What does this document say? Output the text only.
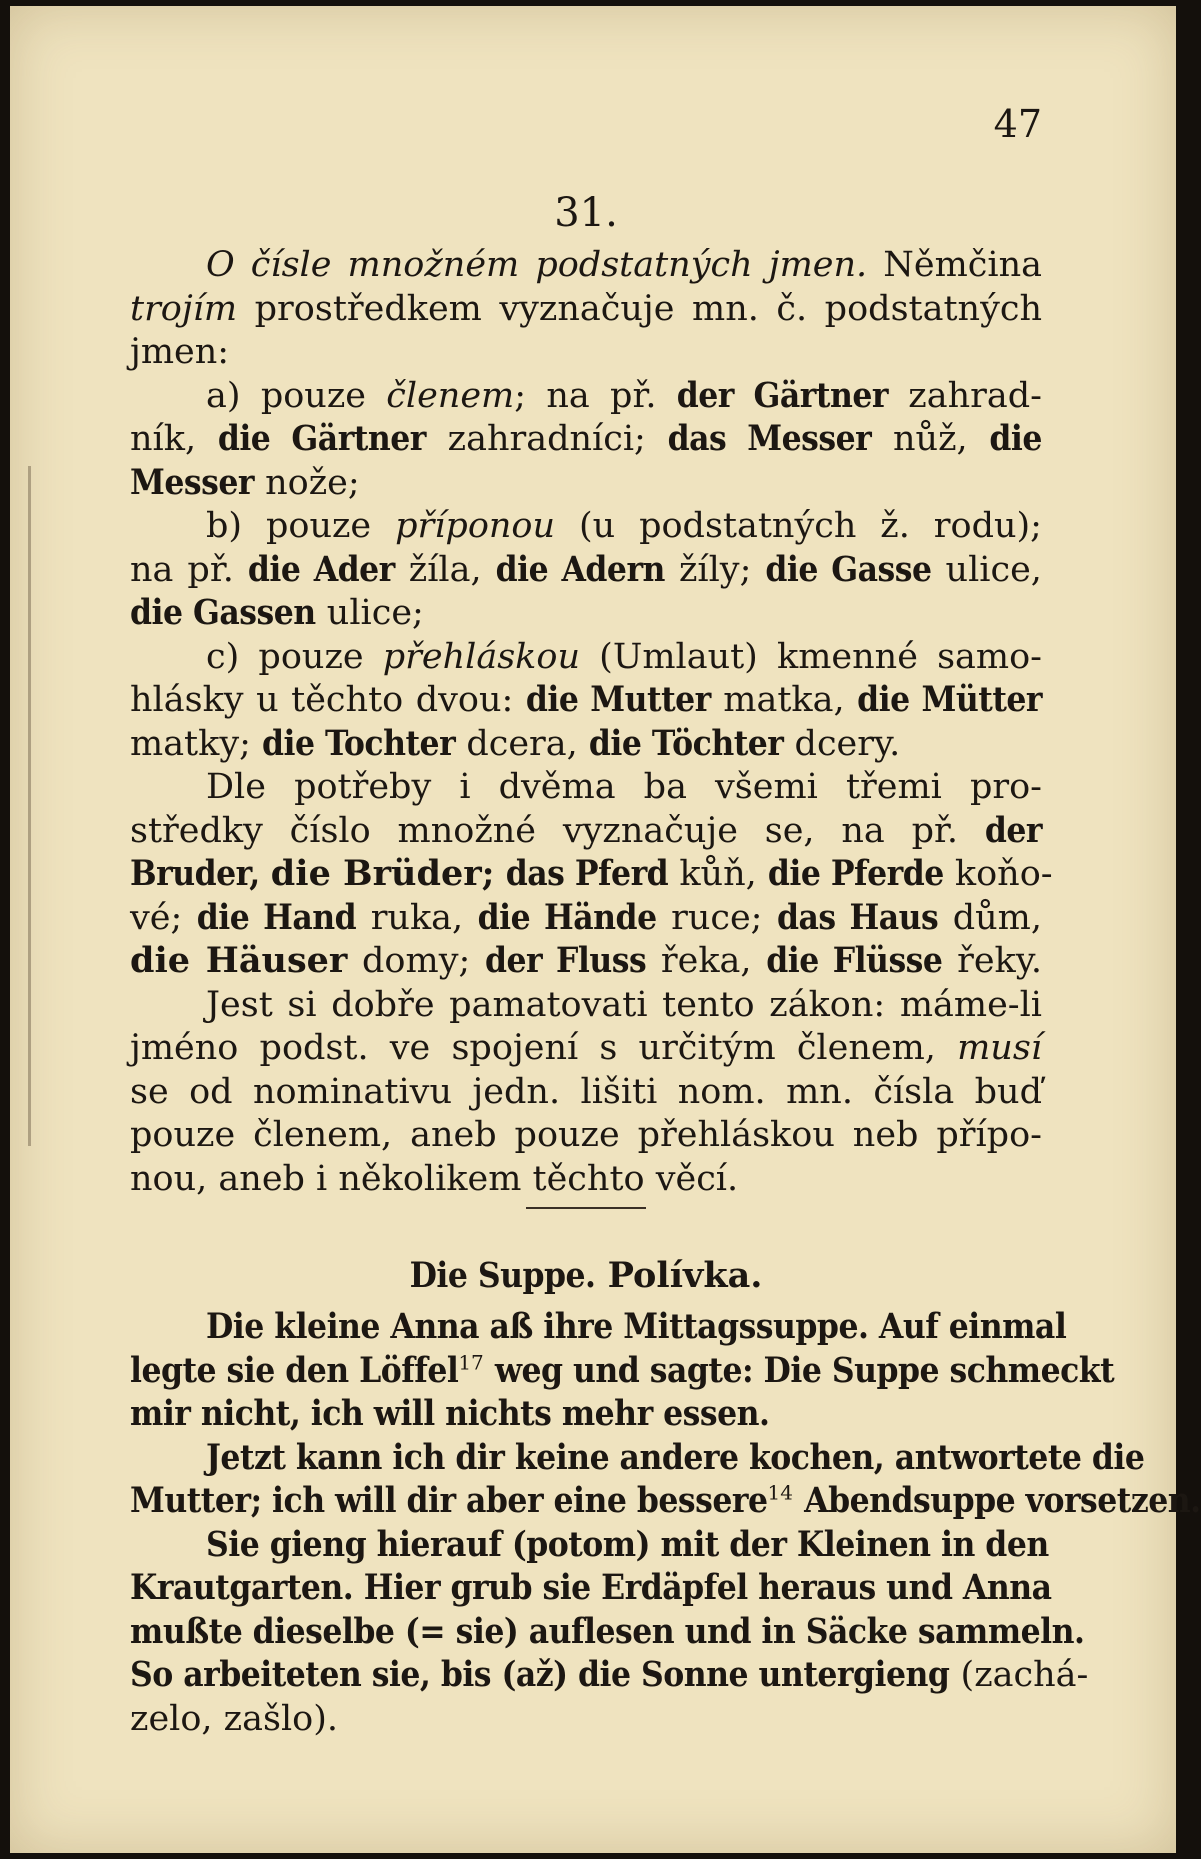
47
31.
O čísle množném podstatných jmen. Němčina
trojím prostředkem vyznačuje mn. č. podstatných
jmen:
a) pouze členem; na př. der Gärtner zahrad-
ník, die Gärtner zahradníci; das Messer nůž, die
Messer nože;
b) pouze příponou (u podstatných ž. rodu);
na př. die Ader žíla, die Adern žíly; die Gasse ulice,
die Gassen ulice;
c) pouze přehláskou (Umlaut) kmenné samo-
hlásky u těchto dvou: die Mutter matka, die Mütter
matky; die Tochter dcera, die Töchter dcery.
Dle potřeby i dvěma ba všemi třemi pro-
středky číslo množné vyznačuje se, na př. der
Bruder, die Brüder; das Pferd kůň, die Pferde koňo-
vé; die Hand ruka, die Hände ruce; das Haus dům,
die Häuser domy; der Fluss řeka, die Flüsse řeky.
Jest si dobře pamatovati tento zákon: máme-li
jméno podst. ve spojení s určitým členem, musí
se od nominativu jedn. lišiti nom. mn. čísla buď
pouze členem, aneb pouze přehláskou neb přípo-
nou, aneb i několikem těchto věcí.
Die Suppe. Polívka.
Die kleine Anna aß ihre Mittagssuppe. Auf einmal
legte sie den Löffel$^{17}$ weg und sagte: Die Suppe schmeckt
mir nicht, ich will nichts mehr essen.
Jetzt kann ich dir keine andere kochen, antwortete die
Mutter; ich will dir aber eine bessere$^{14}$ Abendsuppe vorsetzen.
Sie gieng hierauf (potom) mit der Kleinen in den
Krautgarten. Hier grub sie Erdäpfel heraus und Anna
mußte dieselbe (= sie) auflesen und in Säcke sammeln.
So arbeiteten sie, bis (až) die Sonne untergieng (zachá-
zelo, zašlo).
